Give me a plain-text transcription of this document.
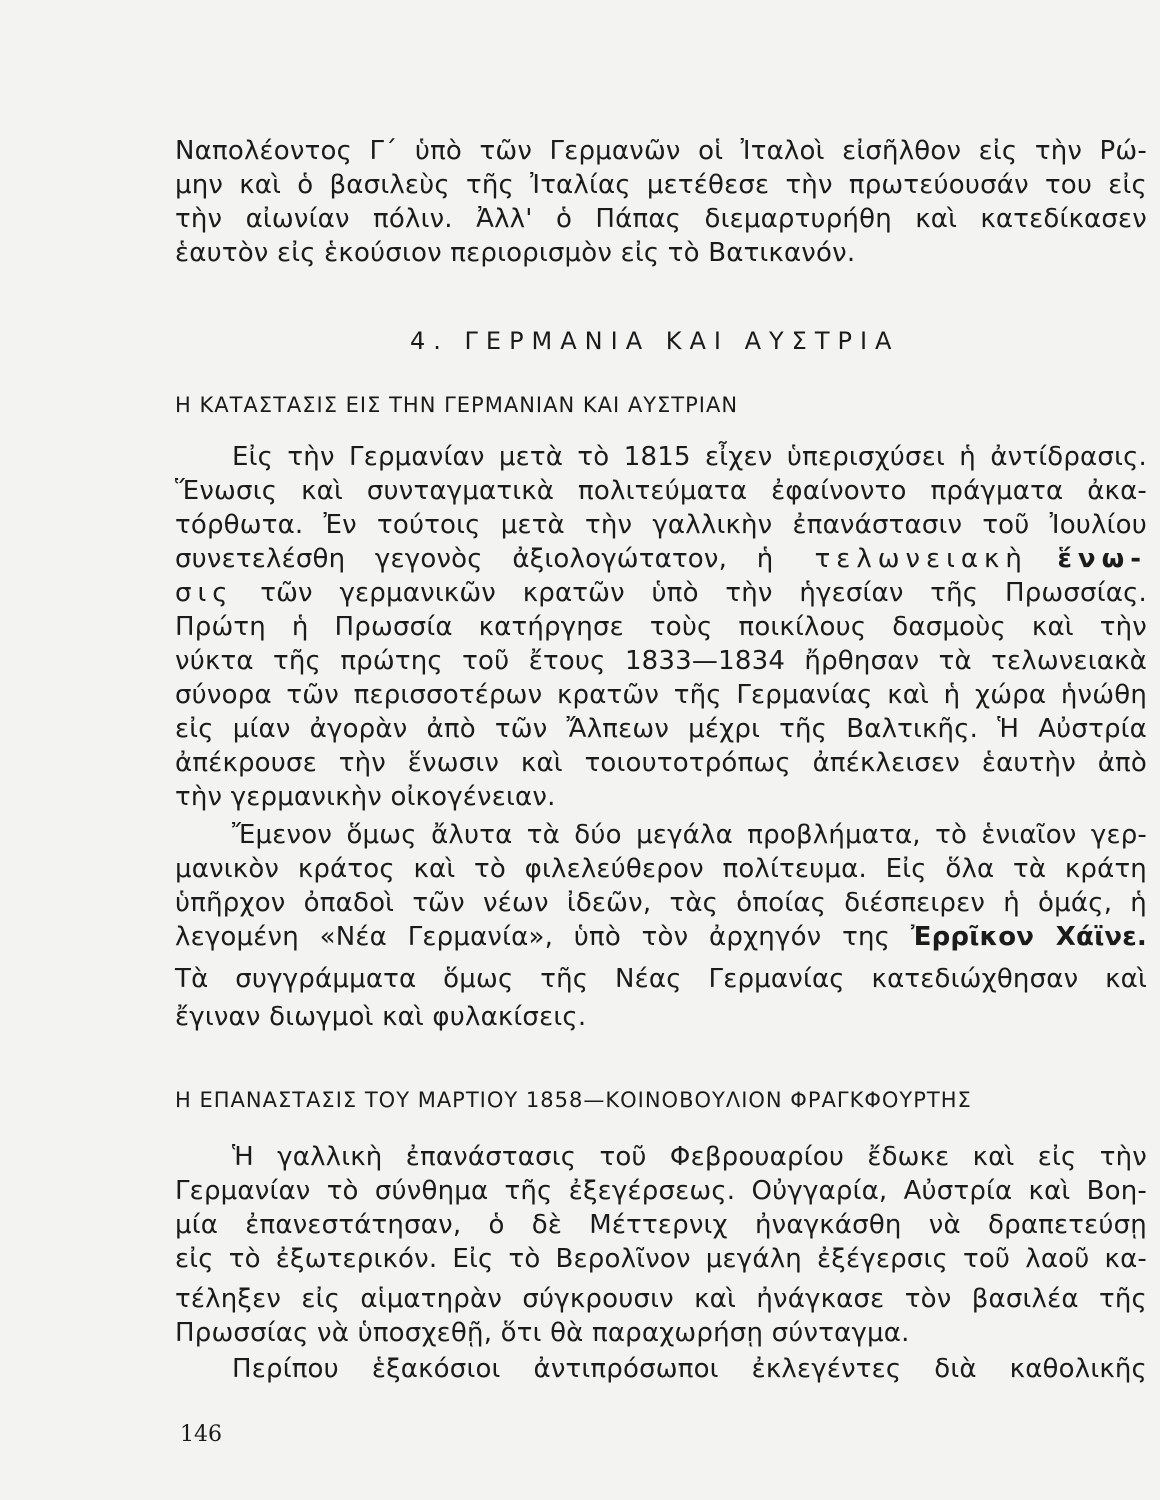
Ναπολέοντος Γ΄ ὑπὸ τῶν Γερμανῶν οἱ Ἰταλοὶ εἰσῆλθον εἰς τὴν Ρώ-
μην καὶ ὁ βασιλεὺς τῆς Ἰταλίας μετέθεσε τὴν πρωτεύουσάν του εἰς
τὴν αἰωνίαν πόλιν. Ἀλλ' ὁ Πάπας διεμαρτυρήθη καὶ κατεδίκασεν
ἑαυτὸν εἰς ἑκούσιον περιορισμὸν εἰς τὸ Βατικανόν.
4. ΓΕΡΜΑΝΙΑ ΚΑΙ ΑΥΣΤΡΙΑ
Η ΚΑΤΑΣΤΑΣΙΣ ΕΙΣ ΤΗΝ ΓΕΡΜΑΝΙΑΝ ΚΑΙ ΑΥΣΤΡΙΑΝ
Εἰς τὴν Γερμανίαν μετὰ τὸ 1815 εἶχεν ὑπερισχύσει ἡ ἀντίδρασις.
Ἕνωσις καὶ συνταγματικὰ πολιτεύματα ἐφαίνοντο πράγματα ἀκα-
τόρθωτα. Ἐν τούτοις μετὰ τὴν γαλλικὴν ἐπανάστασιν τοῦ Ἰουλίου
συνετελέσθη γεγονὸς ἀξιολογώτατον, ἡ τελωνειακὴ ἕνω-
σις τῶν γερμανικῶν κρατῶν ὑπὸ τὴν ἡγεσίαν τῆς Πρωσσίας.
Πρώτη ἡ Πρωσσία κατήργησε τοὺς ποικίλους δασμοὺς καὶ τὴν
νύκτα τῆς πρώτης τοῦ ἔτους 1833—1834 ἤρθησαν τὰ τελωνειακὰ
σύνορα τῶν περισσοτέρων κρατῶν τῆς Γερμανίας καὶ ἡ χώρα ἡνώθη
εἰς μίαν ἀγορὰν ἀπὸ τῶν Ἄλπεων μέχρι τῆς Βαλτικῆς. Ἡ Αὐστρία
ἀπέκρουσε τὴν ἕνωσιν καὶ τοιουτοτρόπως ἀπέκλεισεν ἑαυτὴν ἀπὸ
τὴν γερμανικὴν οἰκογένειαν.
Ἔμενον ὅμως ἄλυτα τὰ δύο μεγάλα προβλήματα, τὸ ἑνιαῖον γερ-
μανικὸν κράτος καὶ τὸ φιλελεύθερον πολίτευμα. Εἰς ὅλα τὰ κράτη
ὑπῆρχον ὀπαδοὶ τῶν νέων ἰδεῶν, τὰς ὁποίας διέσπειρεν ἡ ὁμάς, ἡ
λεγομένη «Νέα Γερμανία», ὑπὸ τὸν ἀρχηγόν της Ἐρρῖκον Χάϊνε.
Τὰ συγγράμματα ὅμως τῆς Νέας Γερμανίας κατεδιώχθησαν καὶ
ἔγιναν διωγμοὶ καὶ φυλακίσεις.
Η ΕΠΑΝΑΣΤΑΣΙΣ ΤΟΥ ΜΑΡΤΙΟΥ 1858—ΚΟΙΝΟΒΟΥΛΙΟΝ ΦΡΑΓΚΦΟΥΡΤΗΣ
Ἡ γαλλικὴ ἐπανάστασις τοῦ Φεβρουαρίου ἔδωκε καὶ εἰς τὴν
Γερμανίαν τὸ σύνθημα τῆς ἐξεγέρσεως. Οὐγγαρία, Αὐστρία καὶ Βοη-
μία ἐπανεστάτησαν, ὁ δὲ Μέττερνιχ ἠναγκάσθη νὰ δραπετεύσῃ
εἰς τὸ ἐξωτερικόν. Εἰς τὸ Βερολῖνον μεγάλη ἐξέγερσις τοῦ λαοῦ κα-
τέληξεν εἰς αἱματηρὰν σύγκρουσιν καὶ ἠνάγκασε τὸν βασιλέα τῆς
Πρωσσίας νὰ ὑποσχεθῇ, ὅτι θὰ παραχωρήσῃ σύνταγμα.
Περίπου ἑξακόσιοι ἀντιπρόσωποι ἐκλεγέντες διὰ καθολικῆς
146
